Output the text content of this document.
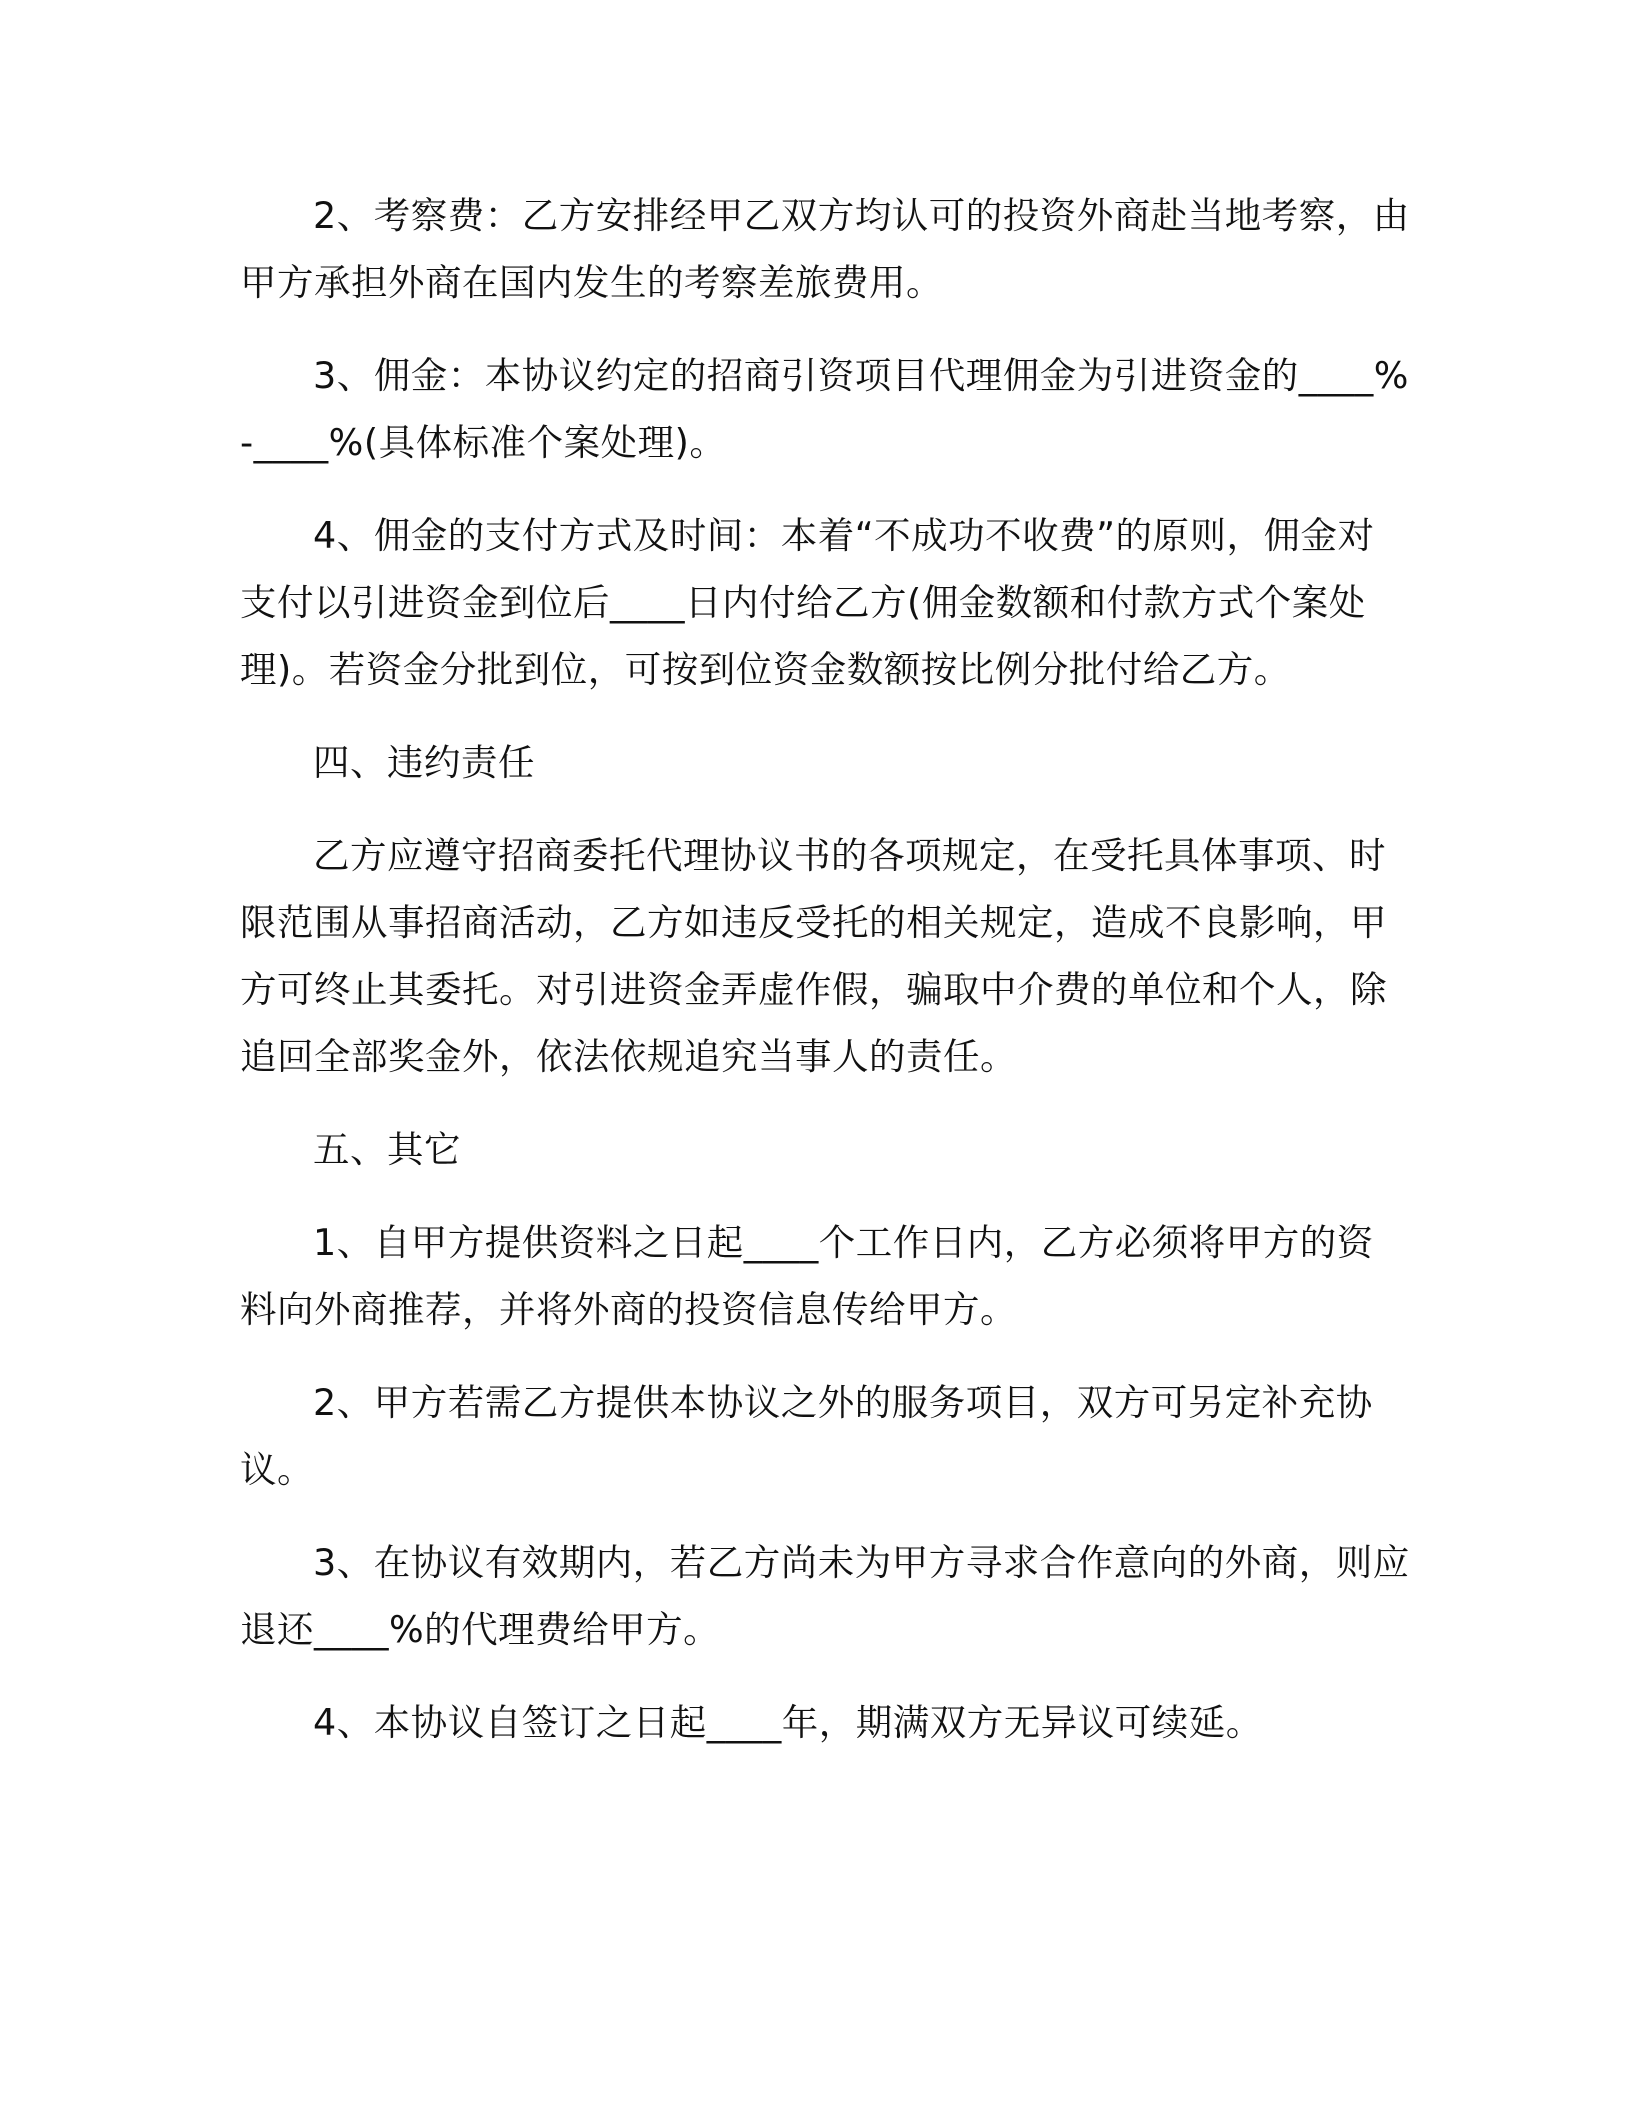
2、考察费：乙方安排经甲乙双方均认可的投资外商赴当地考察，由甲方承担外商在国内发生的考察差旅费用。

3、佣金：本协议约定的招商引资项目代理佣金为引进资金的____%-____%(具体标准个案处理)。

4、佣金的支付方式及时间：本着“不成功不收费”的原则，佣金对支付以引进资金到位后____日内付给乙方(佣金数额和付款方式个案处理)。若资金分批到位，可按到位资金数额按比例分批付给乙方。

四、违约责任

乙方应遵守招商委托代理协议书的各项规定，在受托具体事项、时限范围从事招商活动，乙方如违反受托的相关规定，造成不良影响，甲方可终止其委托。对引进资金弄虚作假，骗取中介费的单位和个人，除追回全部奖金外，依法依规追究当事人的责任。

五、其它

1、自甲方提供资料之日起____个工作日内，乙方必须将甲方的资料向外商推荐，并将外商的投资信息传给甲方。

2、甲方若需乙方提供本协议之外的服务项目，双方可另定补充协议。

3、在协议有效期内，若乙方尚未为甲方寻求合作意向的外商，则应退还____%的代理费给甲方。

4、本协议自签订之日起____年，期满双方无异议可续延。
